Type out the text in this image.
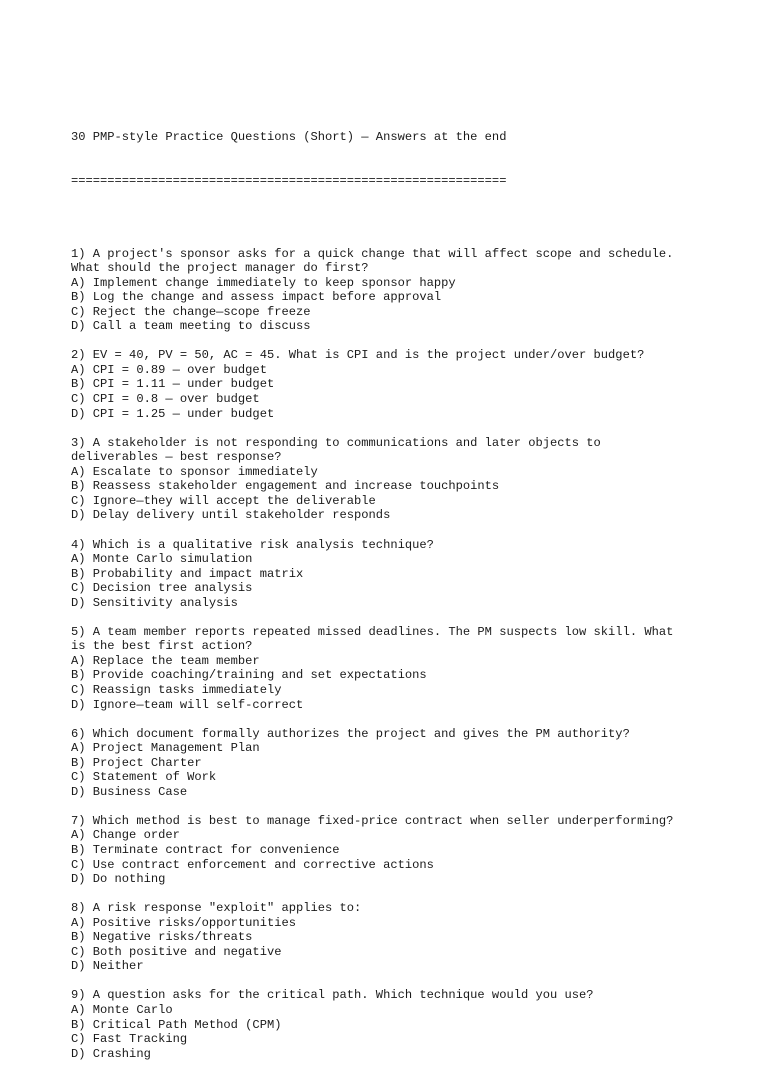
30 PMP-style Practice Questions (Short) — Answers at the end

============================================================

1) A project's sponsor asks for a quick change that will affect scope and schedule.
What should the project manager do first?
A) Implement change immediately to keep sponsor happy
B) Log the change and assess impact before approval
C) Reject the change—scope freeze
D) Call a team meeting to discuss
2) EV = 40, PV = 50, AC = 45. What is CPI and is the project under/over budget?
A) CPI = 0.89 — over budget
B) CPI = 1.11 — under budget
C) CPI = 0.8 — over budget
D) CPI = 1.25 — under budget
3) A stakeholder is not responding to communications and later objects to
deliverables — best response?
A) Escalate to sponsor immediately
B) Reassess stakeholder engagement and increase touchpoints
C) Ignore—they will accept the deliverable
D) Delay delivery until stakeholder responds
4) Which is a qualitative risk analysis technique?
A) Monte Carlo simulation
B) Probability and impact matrix
C) Decision tree analysis
D) Sensitivity analysis
5) A team member reports repeated missed deadlines. The PM suspects low skill. What
is the best first action?
A) Replace the team member
B) Provide coaching/training and set expectations
C) Reassign tasks immediately
D) Ignore—team will self-correct
6) Which document formally authorizes the project and gives the PM authority?
A) Project Management Plan
B) Project Charter
C) Statement of Work
D) Business Case
7) Which method is best to manage fixed-price contract when seller underperforming?
A) Change order
B) Terminate contract for convenience
C) Use contract enforcement and corrective actions
D) Do nothing
8) A risk response "exploit" applies to:
A) Positive risks/opportunities
B) Negative risks/threats
C) Both positive and negative
D) Neither
9) A question asks for the critical path. Which technique would you use?
A) Monte Carlo
B) Critical Path Method (CPM)
C) Fast Tracking
D) Crashing
